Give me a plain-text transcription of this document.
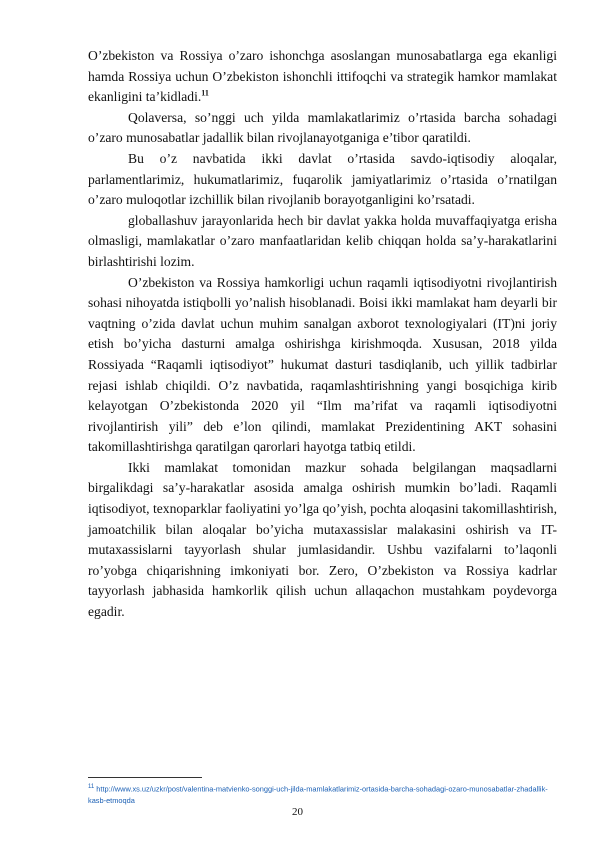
O’zbekiston va Rossiya o’zaro ishonchga asoslangan munosabatlarga ega ekanligi hamda Rossiya uchun O’zbekiston ishonchli ittifoqchi va strategik hamkor mamlakat ekanligini ta’kidladi.$^{11}$

Qolaversa, so’nggi uch yilda mamlakatlarimiz o’rtasida barcha sohadagi o’zaro munosabatlar jadallik bilan rivojlanayotganiga e’tibor qaratildi.

Bu o’z navbatida ikki davlat o’rtasida savdo-iqtisodiy aloqalar, parlamentlarimiz, hukumatlarimiz, fuqarolik jamiyatlarimiz o’rtasida o’rnatilgan o’zaro muloqotlar izchillik bilan rivojlanib borayotganligini ko’rsatadi.

globallashuv jarayonlarida hech bir davlat yakka holda muvaffaqiyatga erisha olmasligi, mamlakatlar o’zaro manfaatlaridan kelib chiqqan holda sa’y-harakatlarini birlashtirishi lozim.

O’zbekiston va Rossiya hamkorligi uchun raqamli iqtisodiyotni rivojlantirish sohasi nihoyatda istiqbolli yo’nalish hisoblanadi. Boisi ikki mamlakat ham deyarli bir vaqtning o’zida davlat uchun muhim sanalgan axborot texnologiyalari (IT)ni joriy etish bo’yicha dasturni amalga oshirishga kirishmoqda. Xususan, 2018 yilda Rossiyada “Raqamli iqtisodiyot” hukumat dasturi tasdiqlanib, uch yillik tadbirlar rejasi ishlab chiqildi. O’z navbatida, raqamlashtirishning yangi bosqichiga kirib kelayotgan O’zbekistonda 2020 yil “Ilm ma’rifat va raqamli iqtisodiyotni rivojlantirish yili” deb e’lon qilindi, mamlakat Prezidentining AKT sohasini takomillashtirishga qaratilgan qarorlari hayotga tatbiq etildi.

Ikki mamlakat tomonidan mazkur sohada belgilangan maqsadlarni birgalikdagi sa’y-harakatlar asosida amalga oshirish mumkin bo’ladi. Raqamli iqtisodiyot, texnoparklar faoliyatini yo’lga qo’yish, pochta aloqasini takomillashtirish, jamoatchilik bilan aloqalar bo’yicha mutaxassislar malakasini oshirish va IT-mutaxassislarni tayyorlash shular jumlasidandir. Ushbu vazifalarni to’laqonli ro’yobga chiqarishning imkoniyati bor. Zero, O’zbekiston va Rossiya kadrlar tayyorlash jabhasida hamkorlik qilish uchun allaqachon mustahkam poydevorga egadir.

$^{11}$ http://www.xs.uz/uzkr/post/valentina-matvienko-songgi-uch-jilda-mamlakatlarimiz-ortasida-barcha-sohadagi-ozaro-munosabatlar-zhadallik-kasb-etmoqda
20
